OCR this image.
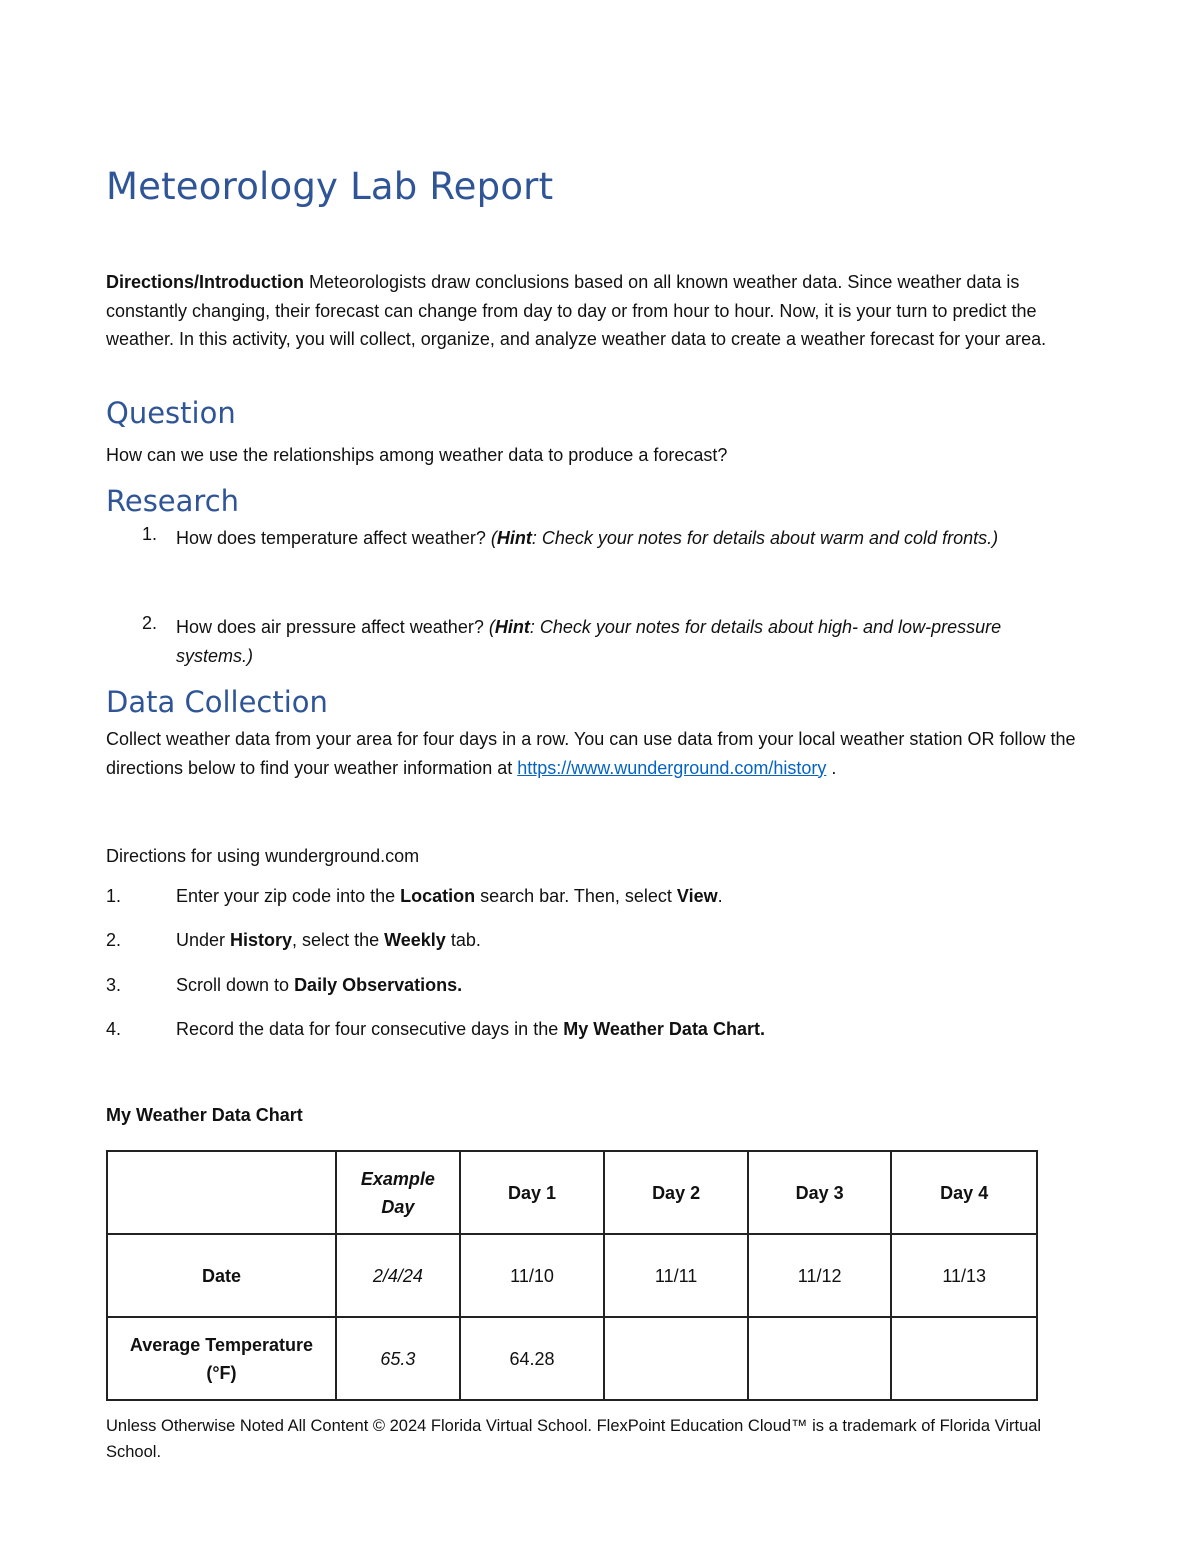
Meteorology Lab Report
Directions/Introduction Meteorologists draw conclusions based on all known weather data. Since weather data is constantly changing, their forecast can change from day to day or from hour to hour. Now, it is your turn to predict the weather. In this activity, you will collect, organize, and analyze weather data to create a weather forecast for your area.
Question
How can we use the relationships among weather data to produce a forecast?
Research
1. How does temperature affect weather? (Hint: Check your notes for details about warm and cold fronts.)
2. How does air pressure affect weather? (Hint: Check your notes for details about high- and low-pressure systems.)
Data Collection
Collect weather data from your area for four days in a row. You can use data from your local weather station OR follow the directions below to find your weather information at https://www.wunderground.com/history .
Directions for using wunderground.com
1.	Enter your zip code into the Location search bar. Then, select View.
2.	Under History, select the Weekly tab.
3.	Scroll down to Daily Observations.
4.	Record the data for four consecutive days in the My Weather Data Chart.
My Weather Data Chart
	Example Day	Day 1	Day 2	Day 3	Day 4
Date	2/4/24	11/10	11/11	11/12	11/13
Average Temperature (°F)	65.3	64.28			
Unless Otherwise Noted All Content © 2024 Florida Virtual School. FlexPoint Education Cloud™ is a trademark of Florida Virtual School.
